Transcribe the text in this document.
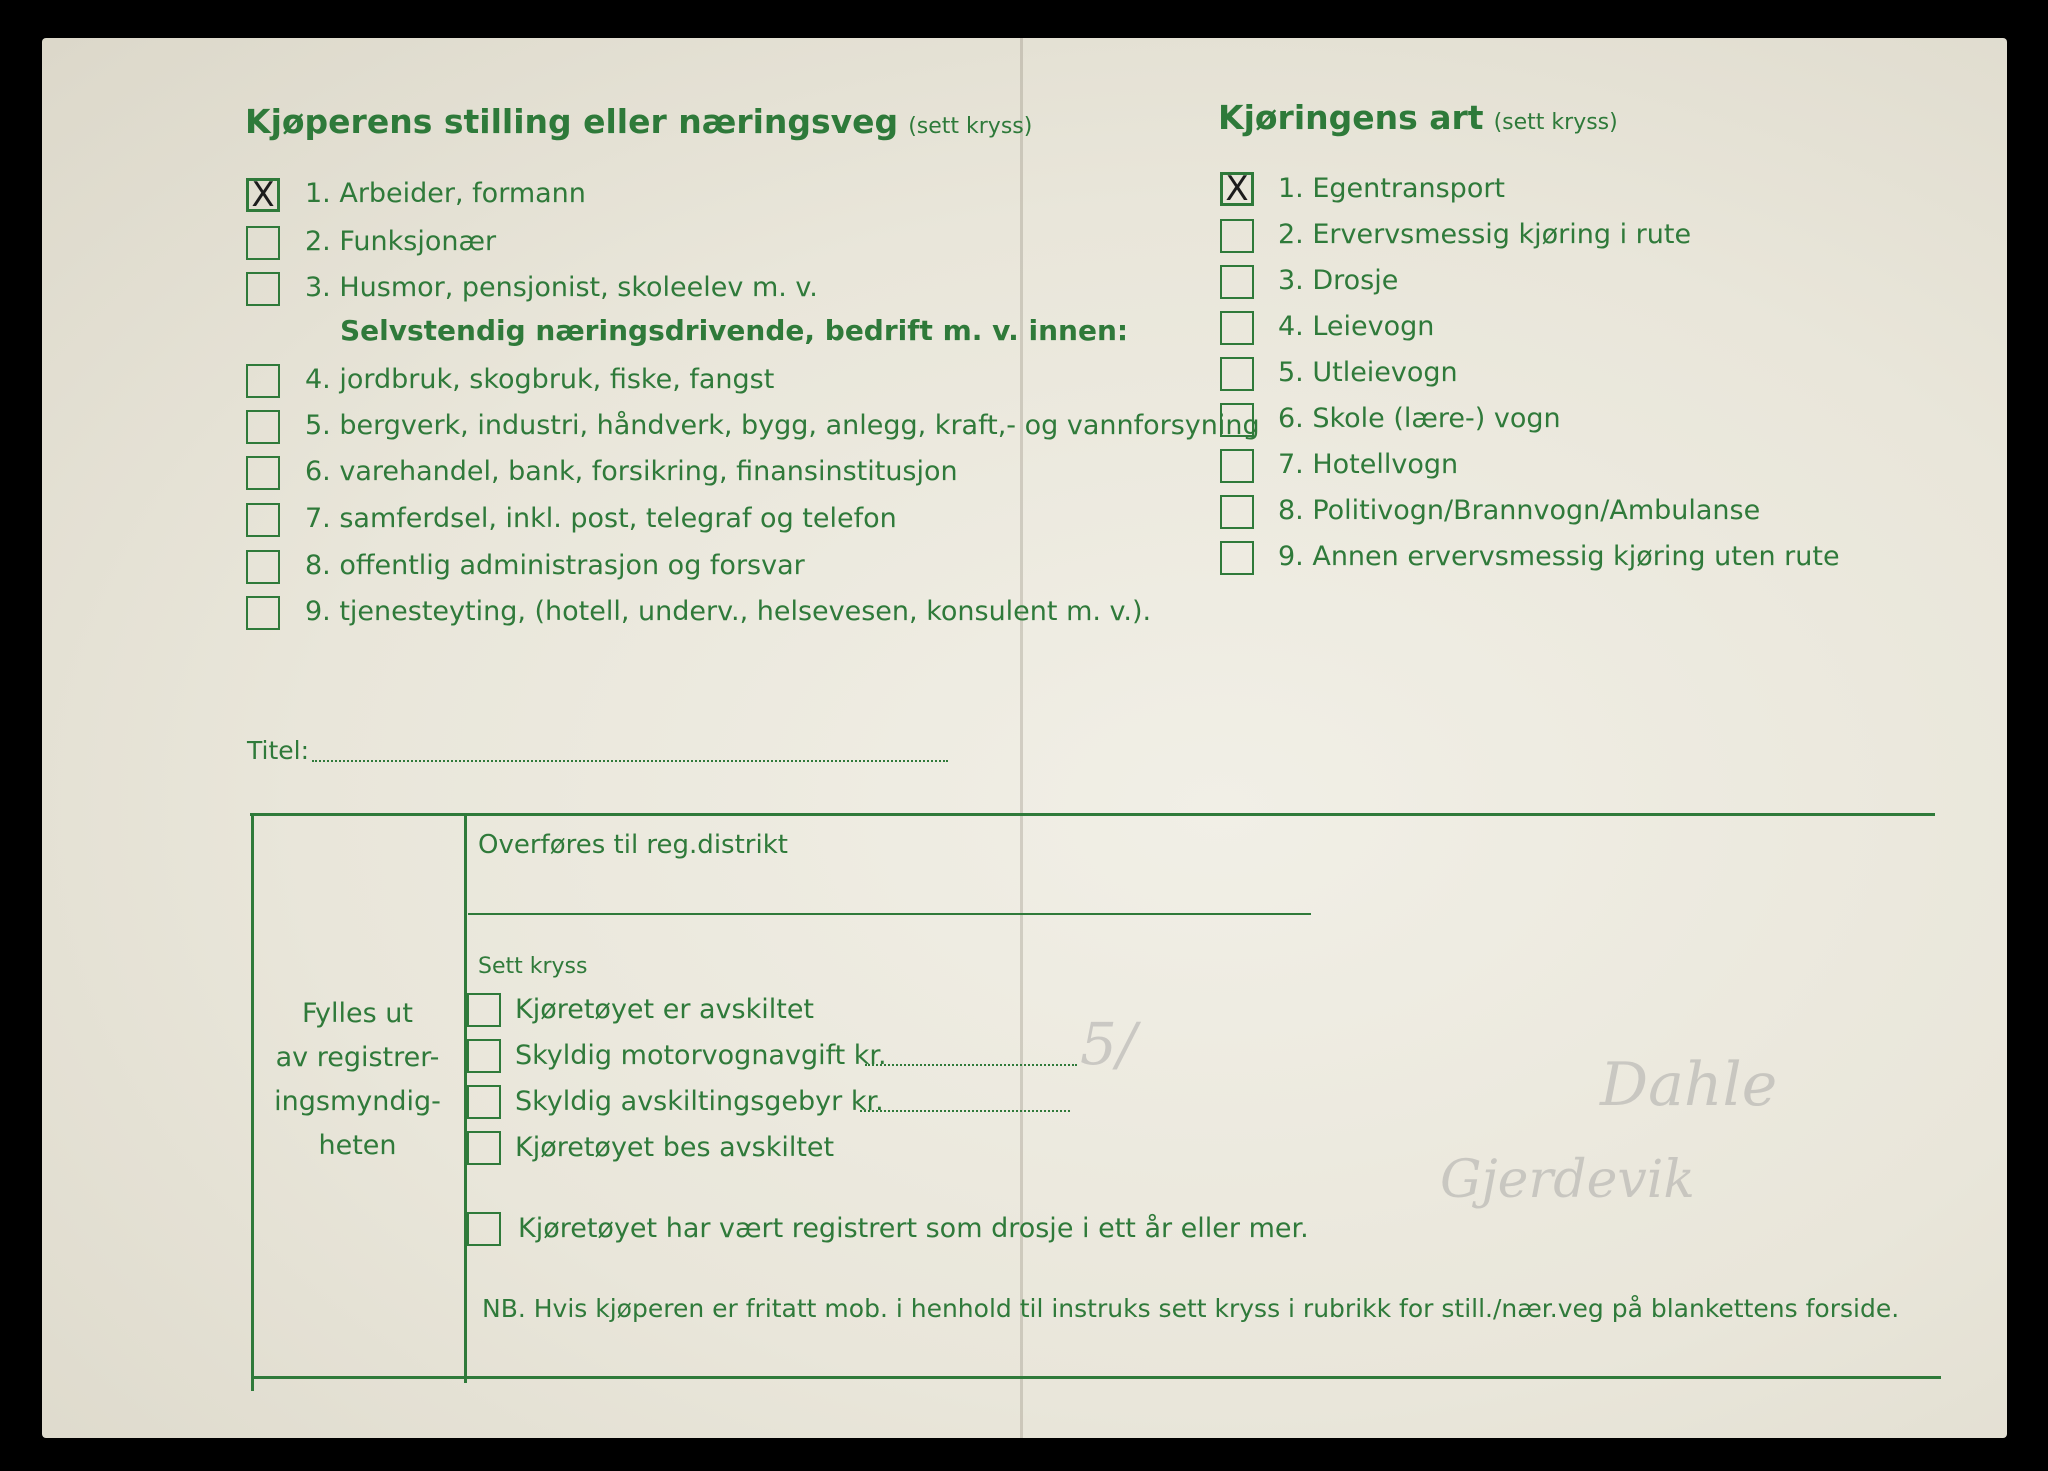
5/
Dahle
Gjerdevik
Kjøperens stilling eller næringsveg (sett kryss)
X 1. Arbeider, formann
2. Funksjonær
3. Husmor, pensjonist, skoleelev m. v.
Selvstendig næringsdrivende, bedrift m. v. innen:
4. jordbruk, skogbruk, fiske, fangst
5. bergverk, industri, håndverk, bygg, anlegg, kraft,- og vannforsyning
6. varehandel, bank, forsikring, finansinstitusjon
7. samferdsel, inkl. post, telegraf og telefon
8. offentlig administrasjon og forsvar
9. tjenesteyting, (hotell, underv., helsevesen, konsulent m. v.).
Titel:
Kjøringens art (sett kryss)
X 1. Egentransport
2. Ervervsmessig kjøring i rute
3. Drosje
4. Leievogn
5. Utleievogn
6. Skole (lære-) vogn
7. Hotellvogn
8. Politivogn/Brannvogn/Ambulanse
9. Annen ervervsmessig kjøring uten rute
Fylles ut
av registrer-
ingsmyndig-
heten
Overføres til reg.distrikt
Sett kryss
Kjøretøyet er avskiltet
Skyldig motorvognavgift kr.
Skyldig avskiltingsgebyr kr.
Kjøretøyet bes avskiltet
Kjøretøyet har vært registrert som drosje i ett år eller mer.
NB. Hvis kjøperen er fritatt mob. i henhold til instruks sett kryss i rubrikk for still./nær.veg på blankettens forside.
